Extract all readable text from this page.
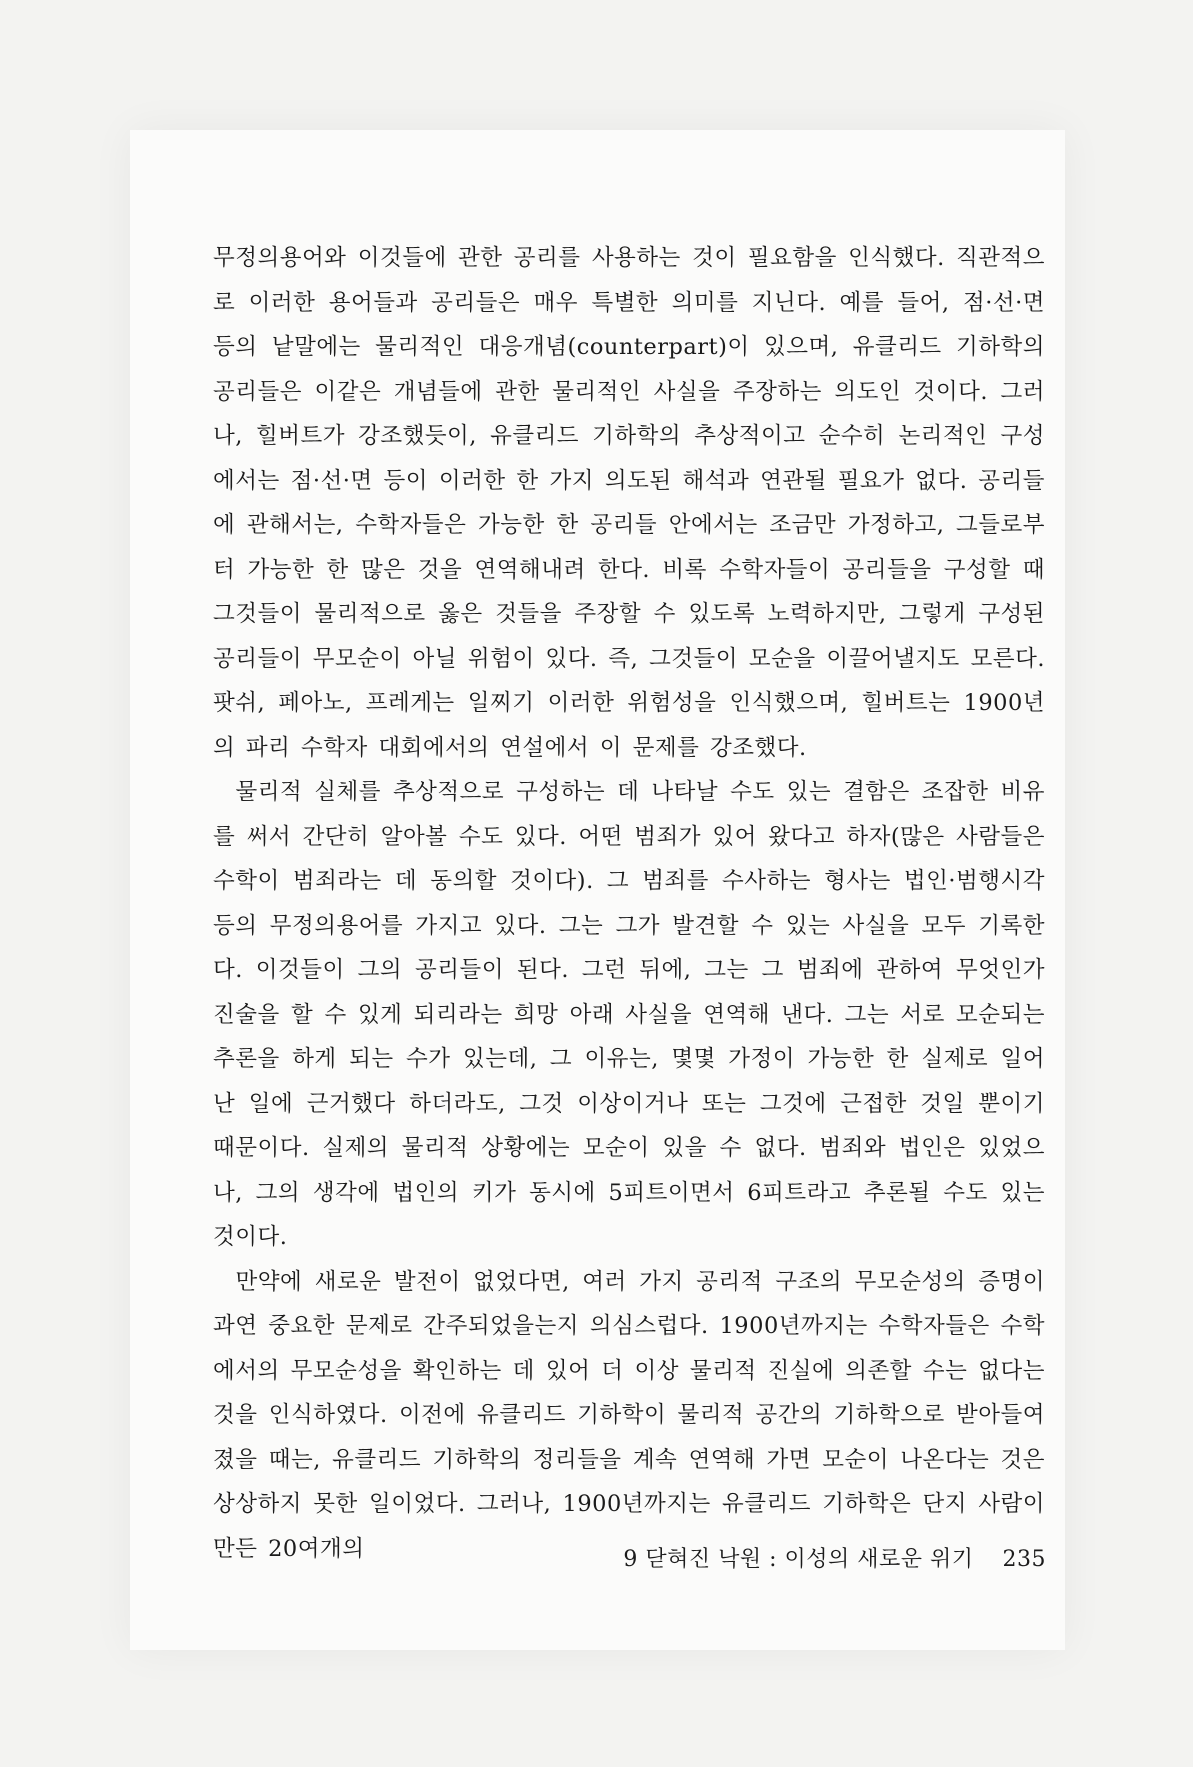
무정의용어와 이것들에 관한 공리를 사용하는 것이 필요함을 인식했다. 직관적으로 이러한 용어들과 공리들은 매우 특별한 의미를 지닌다. 예를 들어, 점·선·면 등의 낱말에는 물리적인 대응개념(counterpart)이 있으며, 유클리드 기하학의 공리들은 이같은 개념들에 관한 물리적인 사실을 주장하는 의도인 것이다. 그러나, 힐버트가 강조했듯이, 유클리드 기하학의 추상적이고 순수히 논리적인 구성에서는 점·선·면 등이 이러한 한 가지 의도된 해석과 연관될 필요가 없다. 공리들에 관해서는, 수학자들은 가능한 한 공리들 안에서는 조금만 가정하고, 그들로부터 가능한 한 많은 것을 연역해내려 한다. 비록 수학자들이 공리들을 구성할 때 그것들이 물리적으로 옳은 것들을 주장할 수 있도록 노력하지만, 그렇게 구성된 공리들이 무모순이 아닐 위험이 있다. 즉, 그것들이 모순을 이끌어낼지도 모른다. 팟쉬, 페아노, 프레게는 일찌기 이러한 위험성을 인식했으며, 힐버트는 1900년의 파리 수학자 대회에서의 연설에서 이 문제를 강조했다.

물리적 실체를 추상적으로 구성하는 데 나타날 수도 있는 결함은 조잡한 비유를 써서 간단히 알아볼 수도 있다. 어떤 범죄가 있어 왔다고 하자(많은 사람들은 수학이 범죄라는 데 동의할 것이다). 그 범죄를 수사하는 형사는 법인·범행시각 등의 무정의용어를 가지고 있다. 그는 그가 발견할 수 있는 사실을 모두 기록한다. 이것들이 그의 공리들이 된다. 그런 뒤에, 그는 그 범죄에 관하여 무엇인가 진술을 할 수 있게 되리라는 희망 아래 사실을 연역해 낸다. 그는 서로 모순되는 추론을 하게 되는 수가 있는데, 그 이유는, 몇몇 가정이 가능한 한 실제로 일어난 일에 근거했다 하더라도, 그것 이상이거나 또는 그것에 근접한 것일 뿐이기 때문이다. 실제의 물리적 상황에는 모순이 있을 수 없다. 범죄와 법인은 있었으나, 그의 생각에 법인의 키가 동시에 5피트이면서 6피트라고 추론될 수도 있는 것이다.

만약에 새로운 발전이 없었다면, 여러 가지 공리적 구조의 무모순성의 증명이 과연 중요한 문제로 간주되었을는지 의심스럽다. 1900년까지는 수학자들은 수학에서의 무모순성을 확인하는 데 있어 더 이상 물리적 진실에 의존할 수는 없다는 것을 인식하였다. 이전에 유클리드 기하학이 물리적 공간의 기하학으로 받아들여졌을 때는, 유클리드 기하학의 정리들을 계속 연역해 가면 모순이 나온다는 것은 상상하지 못한 일이었다. 그러나, 1900년까지는 유클리드 기하학은 단지 사람이 만든 20여개의	9 닫혀진 낙원 : 이성의 새로운 위기 235
